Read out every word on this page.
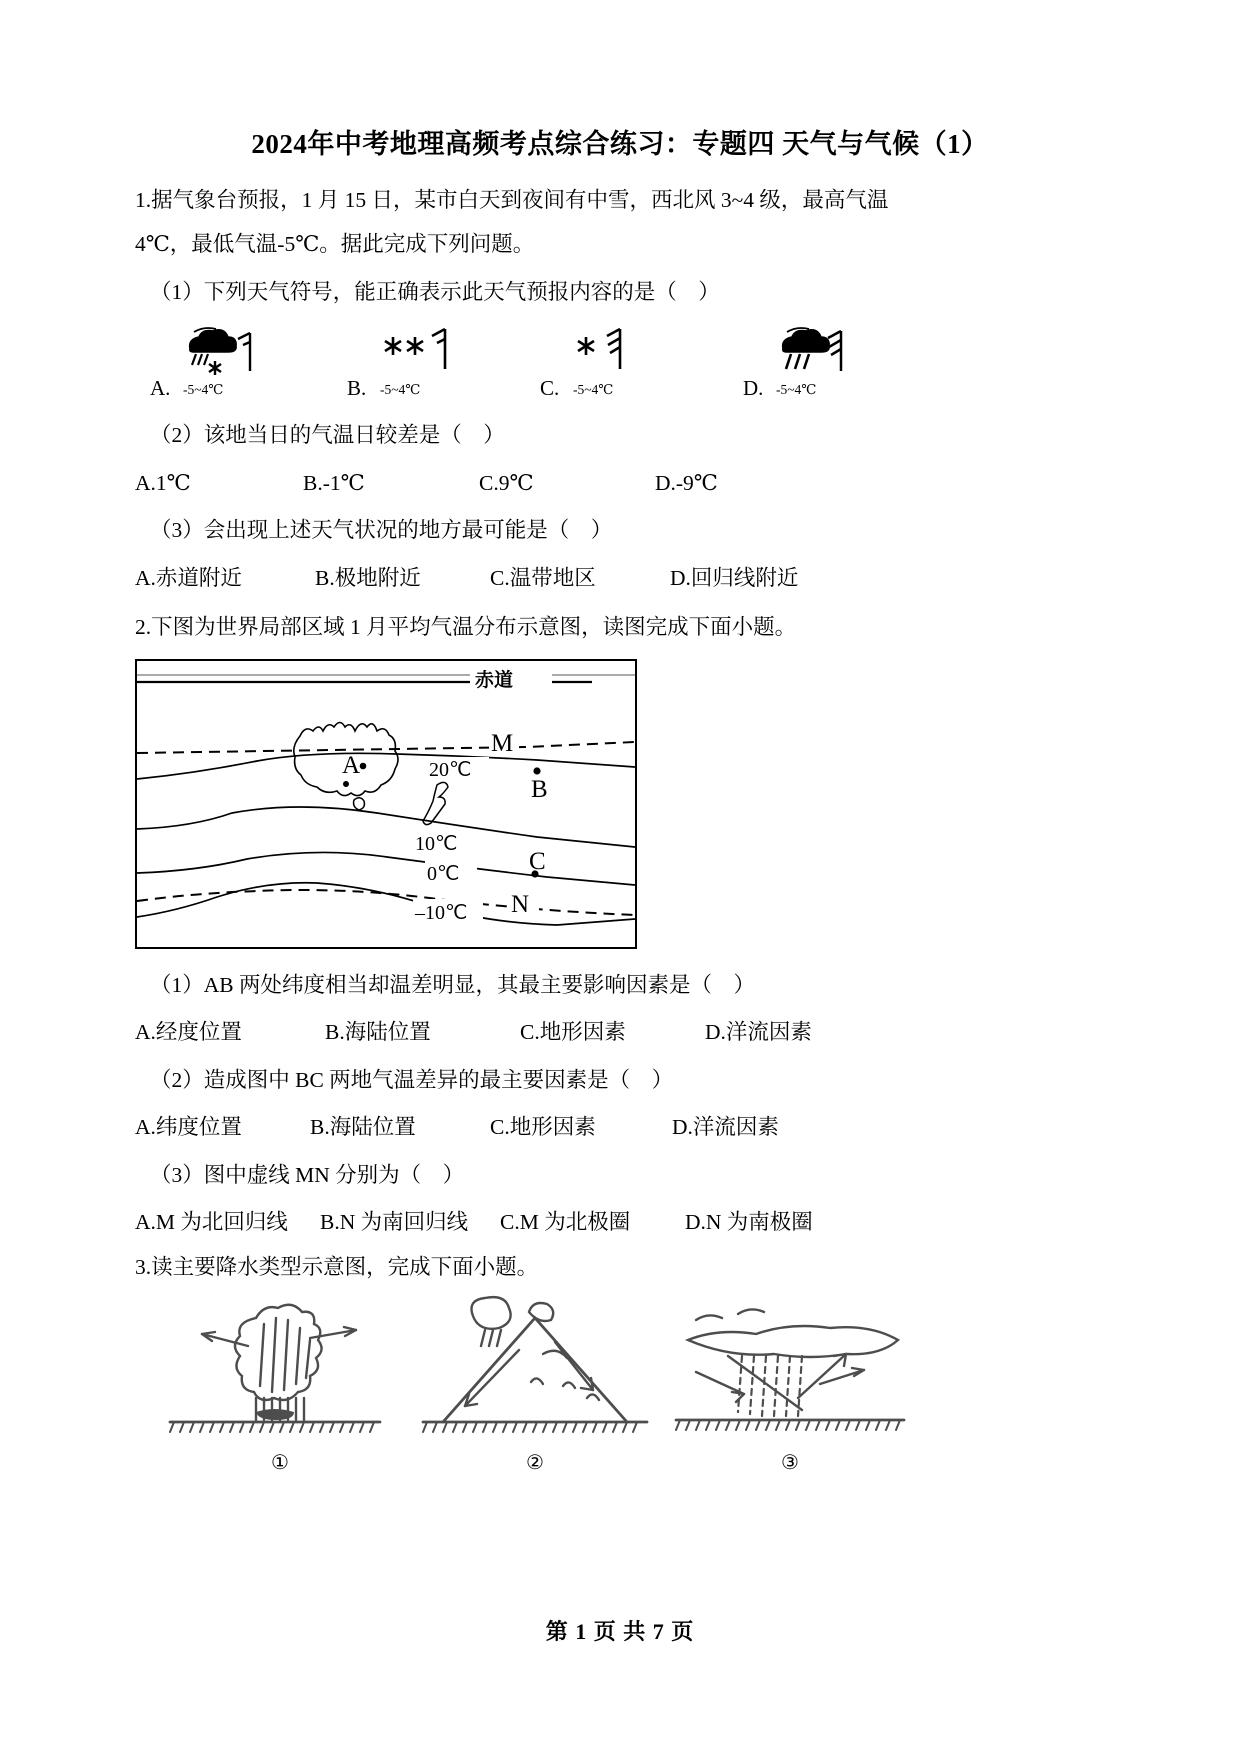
2024年中考地理高频考点综合练习：专题四 天气与气候（1）

1.据气象台预报，1 月 15 日，某市白天到夜间有中雪，西北风 3~4 级，最高气温

4℃，最低气温-5℃。据此完成下列问题。

（1）下列天气符号，能正确表示此天气预报内容的是（　）

A. -5~4℃	B. -5~4℃	C. -5~4℃	D. -5~4℃

（2）该地当日的气温日较差是（　）

A.1℃	B.-1℃	C.9℃	D.-9℃

（3）会出现上述天气状况的地方最可能是（　）

A.赤道附近	B.极地附近	C.温带地区	D.回归线附近

2.下图为世界局部区域 1 月平均气温分布示意图，读图完成下面小题。

赤道
20℃
10℃
0℃
–10℃
M
N
A
B
C

（1）AB 两处纬度相当却温差明显，其最主要影响因素是（　）

A.经度位置	B.海陆位置	C.地形因素	D.洋流因素

（2）造成图中 BC 两地气温差异的最主要因素是（　）

A.纬度位置	B.海陆位置	C.地形因素	D.洋流因素

（3）图中虚线 MN 分别为（　）

A.M 为北回归线 B.N 为南回归线 C.M 为北极圈	D.N 为南极圈

3.读主要降水类型示意图，完成下面小题。

①	②	③
第 1 页 共 7 页
